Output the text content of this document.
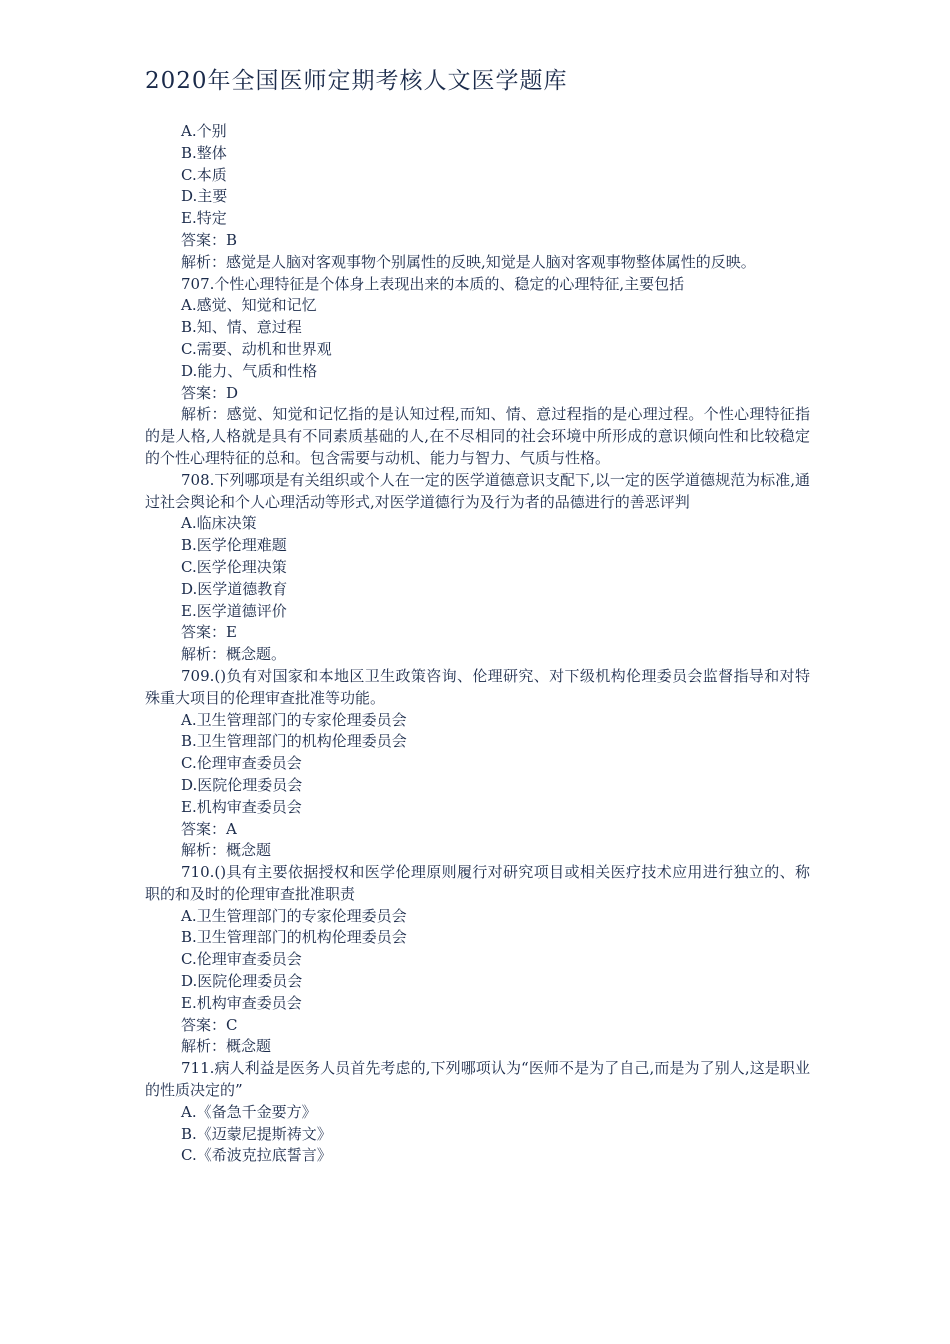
2020年全国医师定期考核人文医学题库
A.个别
B.整体
C.本质
D.主要
E.特定
答案：B
解析：感觉是人脑对客观事物个别属性的反映,知觉是人脑对客观事物整体属性的反映。
707.个性心理特征是个体身上表现出来的本质的、稳定的心理特征,主要包括
A.感觉、知觉和记忆
B.知、情、意过程
C.需要、动机和世界观
D.能力、气质和性格
答案：D
解析：感觉、知觉和记忆指的是认知过程,而知、情、意过程指的是心理过程。个性心理特征指的是人格,人格就是具有不同素质基础的人,在不尽相同的社会环境中所形成的意识倾向性和比较稳定的个性心理特征的总和。包含需要与动机、能力与智力、气质与性格。
708.下列哪项是有关组织或个人在一定的医学道德意识支配下,以一定的医学道德规范为标准,通过社会舆论和个人心理活动等形式,对医学道德行为及行为者的品德进行的善恶评判
A.临床决策
B.医学伦理难题
C.医学伦理决策
D.医学道德教育
E.医学道德评价
答案：E
解析：概念题。
709.()负有对国家和本地区卫生政策咨询、伦理研究、对下级机构伦理委员会监督指导和对特殊重大项目的伦理审查批准等功能。
A.卫生管理部门的专家伦理委员会
B.卫生管理部门的机构伦理委员会
C.伦理审查委员会
D.医院伦理委员会
E.机构审查委员会
答案：A
解析：概念题
710.()具有主要依据授权和医学伦理原则履行对研究项目或相关医疗技术应用进行独立的、称职的和及时的伦理审查批准职责
A.卫生管理部门的专家伦理委员会
B.卫生管理部门的机构伦理委员会
C.伦理审查委员会
D.医院伦理委员会
E.机构审查委员会
答案：C
解析：概念题
711.病人利益是医务人员首先考虑的,下列哪项认为“医师不是为了自己,而是为了别人,这是职业的性质决定的”
A.《备急千金要方》
B.《迈蒙尼提斯祷文》
C.《希波克拉底誓言》
